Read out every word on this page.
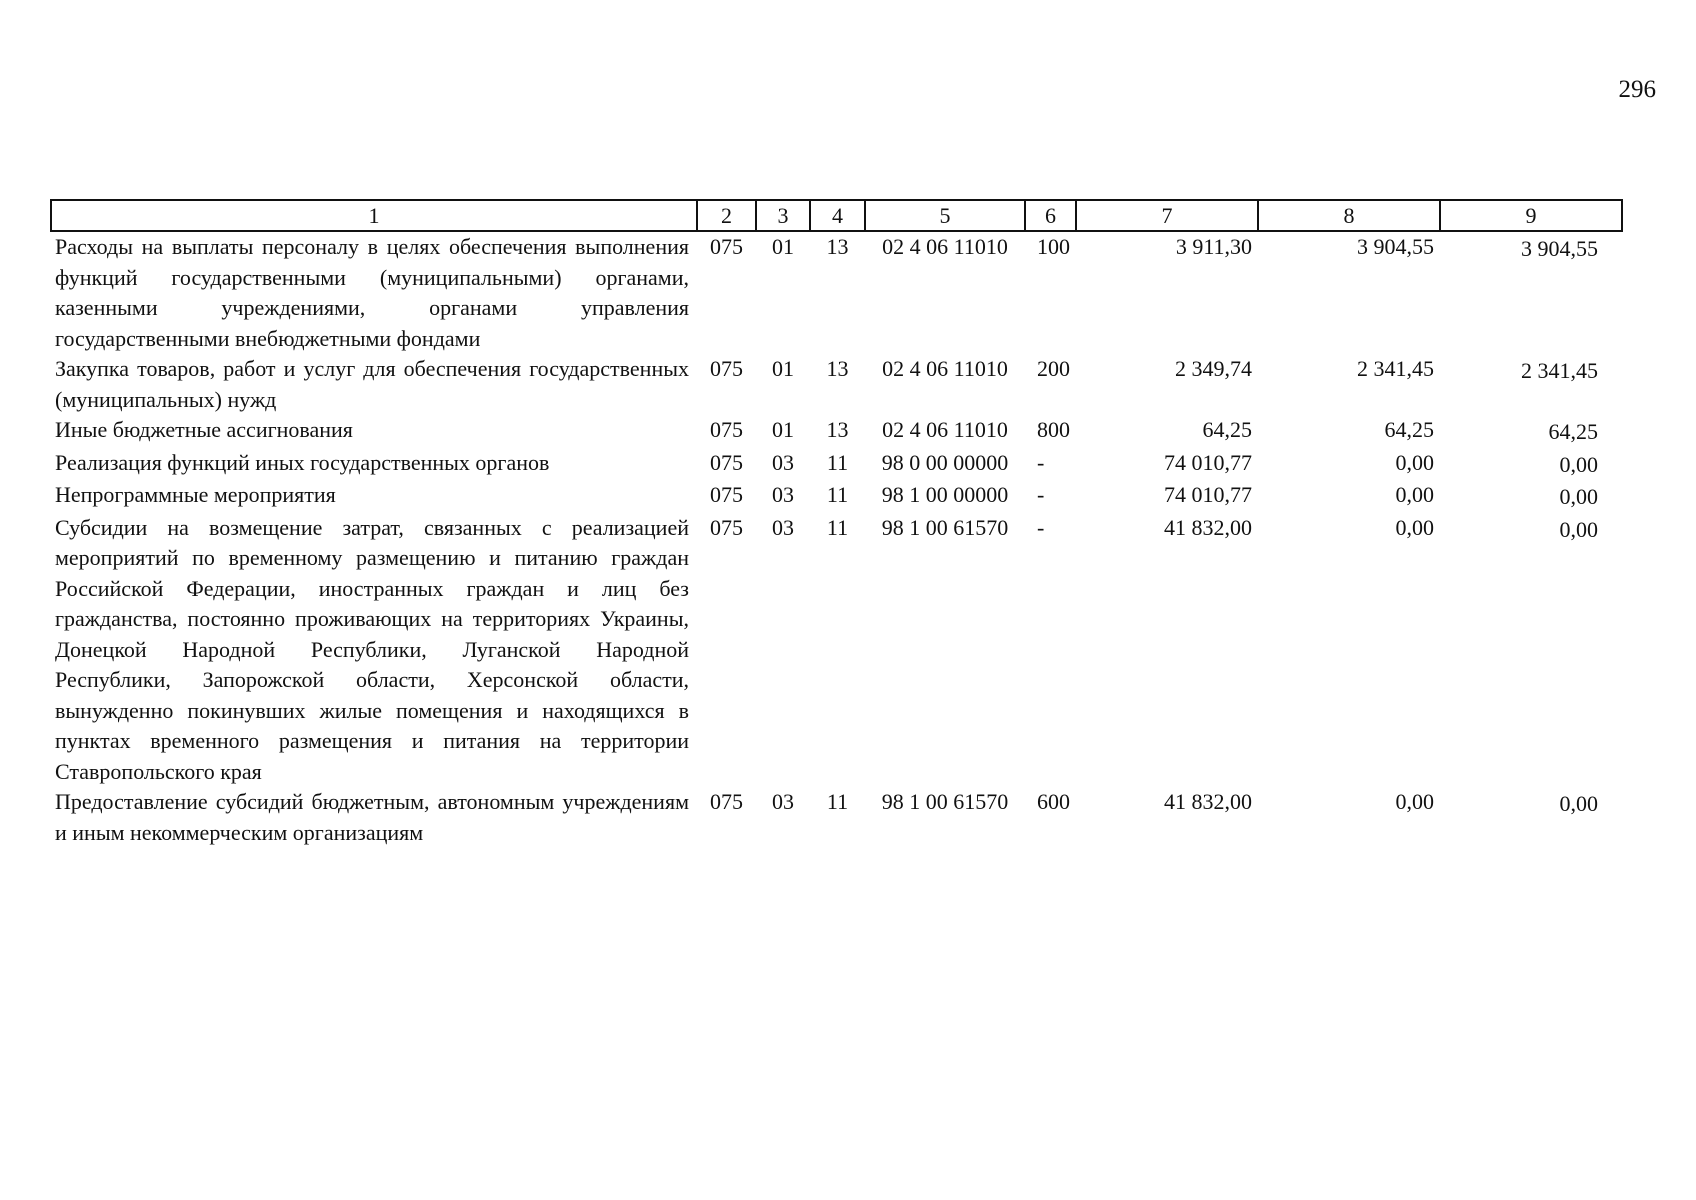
296
1	2	3	4	5	6	7	8	9
Расходы на выплаты персоналу в целях обеспечения выполнения функций государственными (муниципальными) органами, казенными учреждениями, органами управления государственными внебюджетными фондами	075	01	13	02 4 06 11010	100	3 911,30	3 904,55	3 904,55
Закупка товаров, работ и услуг для обеспечения государственных (муниципальных) нужд	075	01	13	02 4 06 11010	200	2 349,74	2 341,45	2 341,45
Иные бюджетные ассигнования	075	01	13	02 4 06 11010	800	64,25	64,25	64,25
Реализация функций иных государственных органов	075	03	11	98 0 00 00000	-	74 010,77	0,00	0,00
Непрограммные мероприятия	075	03	11	98 1 00 00000	-	74 010,77	0,00	0,00
Субсидии на возмещение затрат, связанных с реализацией мероприятий по временному размещению и питанию граждан Российской Федерации, иностранных граждан и лиц без гражданства, постоянно проживающих на территориях Украины, Донецкой Народной Республики, Луганской Народной Республики, Запорожской области, Херсонской области, вынужденно покинувших жилые помещения и находящихся в пунктах временного размещения и питания на территории Ставропольского края	075	03	11	98 1 00 61570	-	41 832,00	0,00	0,00
Предоставление субсидий бюджетным, автономным учреждениям и иным некоммерческим организациям	075	03	11	98 1 00 61570	600	41 832,00	0,00	0,00
